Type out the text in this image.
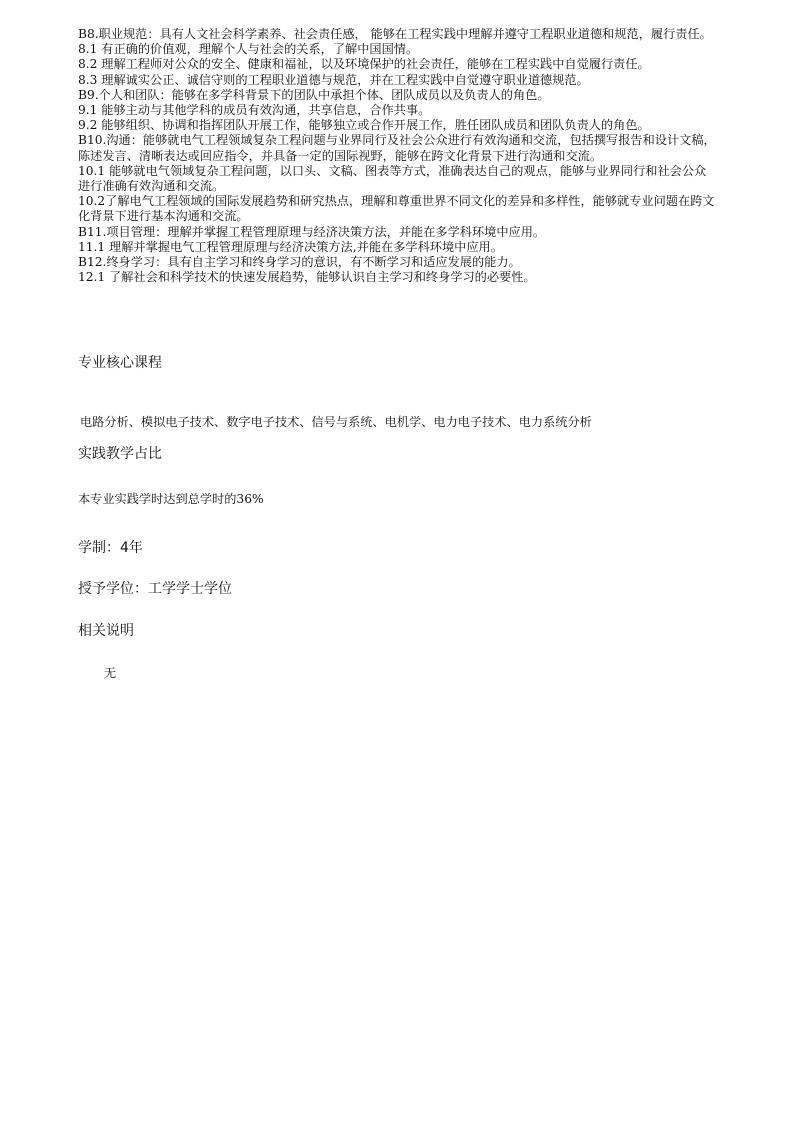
B8.职业规范：具有人文社会科学素养、社会责任感， 能够在工程实践中理解并遵守工程职业道德和规范，履行责任。

8.1 有正确的价值观，理解个人与社会的关系，了解中国国情。

8.2 理解工程师对公众的安全、健康和福祉，以及环境保护的社会责任，能够在工程实践中自觉履行责任。

8.3 理解诚实公正、诚信守则的工程职业道德与规范，并在工程实践中自觉遵守职业道德规范。

B9.个人和团队：能够在多学科背景下的团队中承担个体、团队成员以及负责人的角色。

9.1 能够主动与其他学科的成员有效沟通，共享信息，合作共事。

9.2 能够组织、协调和指挥团队开展工作，能够独立或合作开展工作，胜任团队成员和团队负责人的角色。

B10.沟通：能够就电气工程领域复杂工程问题与业界同行及社会公众进行有效沟通和交流，包括撰写报告和设计文稿，陈述发言、清晰表达或回应指令，并具备一定的国际视野，能够在跨文化背景下进行沟通和交流。

10.1 能够就电气领域复杂工程问题，以口头、文稿、图表等方式，准确表达自己的观点，能够与业界同行和社会公众进行准确有效沟通和交流。

10.2了解电气工程领域的国际发展趋势和研究热点，理解和尊重世界不同文化的差异和多样性，能够就专业问题在跨文化背景下进行基本沟通和交流。

B11.项目管理：理解并掌握工程管理原理与经济决策方法，并能在多学科环境中应用。

11.1 理解并掌握电气工程管理原理与经济决策方法,并能在多学科环境中应用。

B12.终身学习：具有自主学习和终身学习的意识，有不断学习和适应发展的能力。

12.1 了解社会和科学技术的快速发展趋势，能够认识自主学习和终身学习的必要性。

专业核心课程

电路分析、模拟电子技术、数字电子技术、信号与系统、电机学、电力电子技术、电力系统分析

实践教学占比

本专业实践学时达到总学时的36%

学制：4年
授予学位：工学学士学位
相关说明

无
